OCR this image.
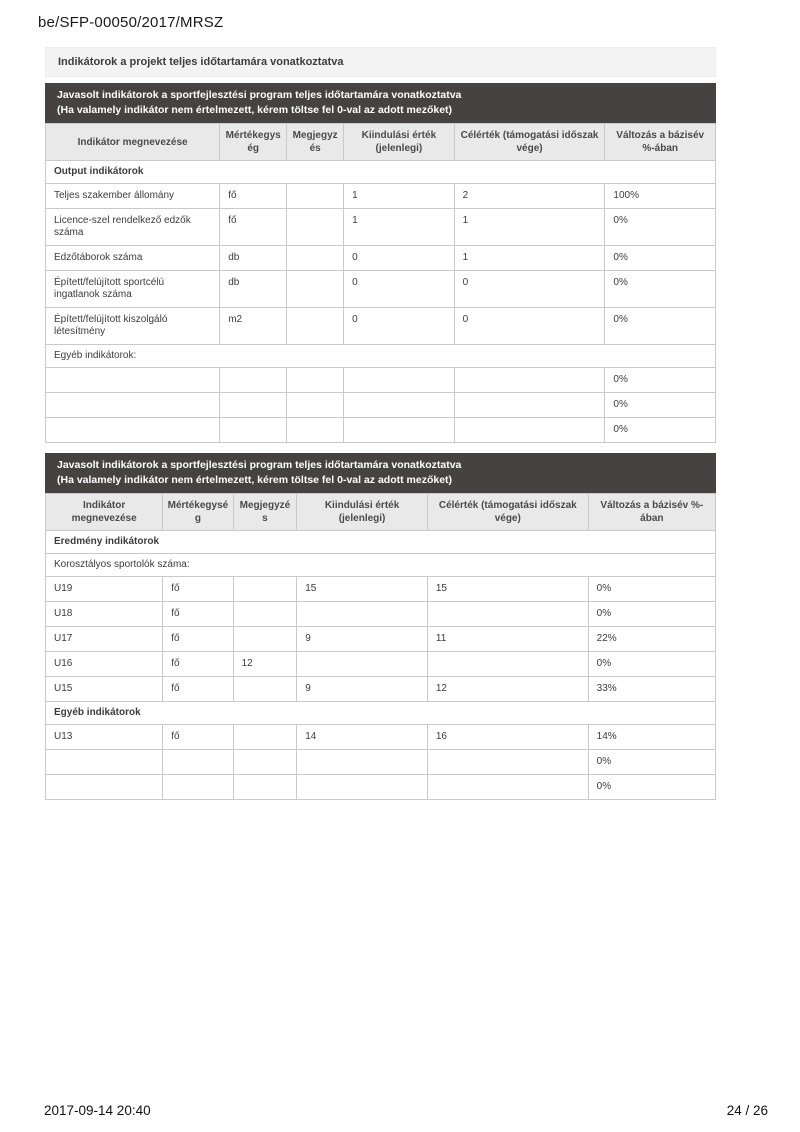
be/SFP-00050/2017/MRSZ
Indikátorok a projekt teljes időtartamára vonatkoztatva
Javasolt indikátorok a sportfejlesztési program teljes időtartamára vonatkoztatva
(Ha valamely indikátor nem értelmezett, kérem töltse fel 0-val az adott mezőket)
Indikátor megnevezése	Mértékegység	Megjegyzés	Kiindulási érték (jelenlegi)	Célérték (támogatási időszak vége)	Változás a bázisév %-ában
Output indikátorok					
Teljes szakember állomány	fő		1	2	100%
Licence-szel rendelkező edzők száma	fő		1	1	0%
Edzőtáborok száma	db		0	1	0%
Épített/felújított sportcélú ingatlanok száma	db		0	0	0%
Épített/felújított kiszolgáló létesítmény	m2		0	0	0%
Egyéb indikátorok:					
					0%
					0%
					0%
Javasolt indikátorok a sportfejlesztési program teljes időtartamára vonatkoztatva
(Ha valamely indikátor nem értelmezett, kérem töltse fel 0-val az adott mezőket)
Indikátor megnevezése	Mértékegység	Megjegyzés	Kiindulási érték (jelenlegi)	Célérték (támogatási időszak vége)	Változás a bázisév %-ában
Eredmény indikátorok					
Korosztályos sportolók száma:					
U19	fő		15	15	0%
U18	fő				0%
U17	fő		9	11	22%
U16	fő	12			0%
U15	fő		9	12	33%
Egyéb indikátorok					
U13	fő		14	16	14%
					0%
					0%
2017-09-14 20:40	24 / 26
